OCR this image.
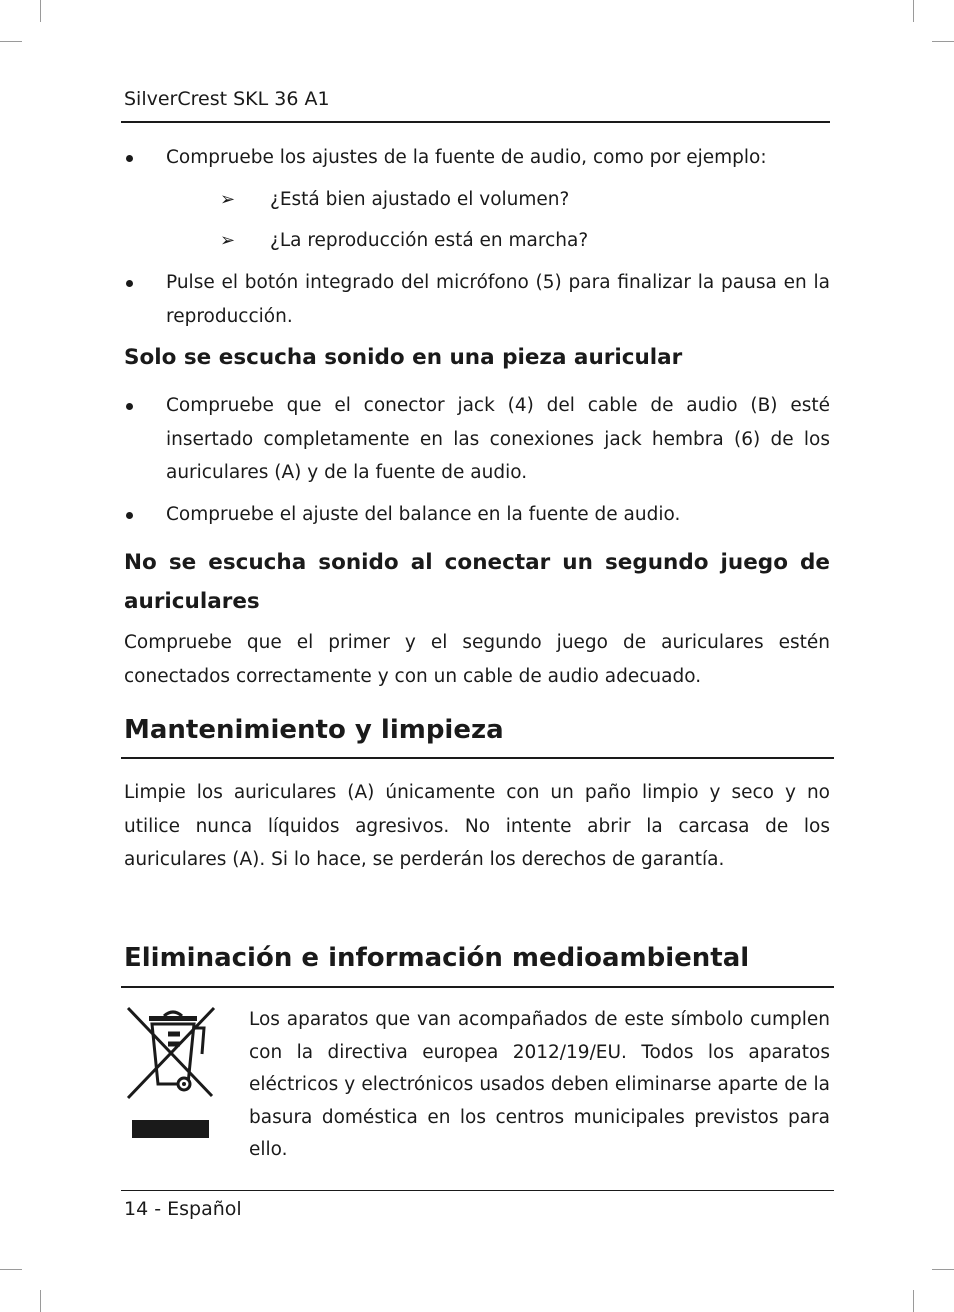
SilverCrest SKL 36 A1
Compruebe los ajustes de la fuente de audio, como por ejemplo:
➢ ¿Está bien ajustado el volumen?
➢ ¿La reproducción está en marcha?
Pulse el botón integrado del micrófono (5) para finalizar la pausa en la reproducción.
Solo se escucha sonido en una pieza auricular
Compruebe que el conector jack (4) del cable de audio (B) esté insertado completamente en las conexiones jack hembra (6) de los auriculares (A) y de la fuente de audio.
Compruebe el ajuste del balance en la fuente de audio.
No se escucha sonido al conectar un segundo juego de auriculares
Compruebe que el primer y el segundo juego de auriculares estén conectados correctamente y con un cable de audio adecuado.
Mantenimiento y limpieza
Limpie los auriculares (A) únicamente con un paño limpio y seco y no utilice nunca líquidos agresivos. No intente abrir la carcasa de los auriculares (A). Si lo hace, se perderán los derechos de garantía.
Eliminación e información medioambiental
Los aparatos que van acompañados de este símbolo cumplen con la directiva europea 2012/19/EU. Todos los aparatos eléctricos y electrónicos usados deben eliminarse aparte de la basura doméstica en los centros municipales previstos para ello.
14 - Español
